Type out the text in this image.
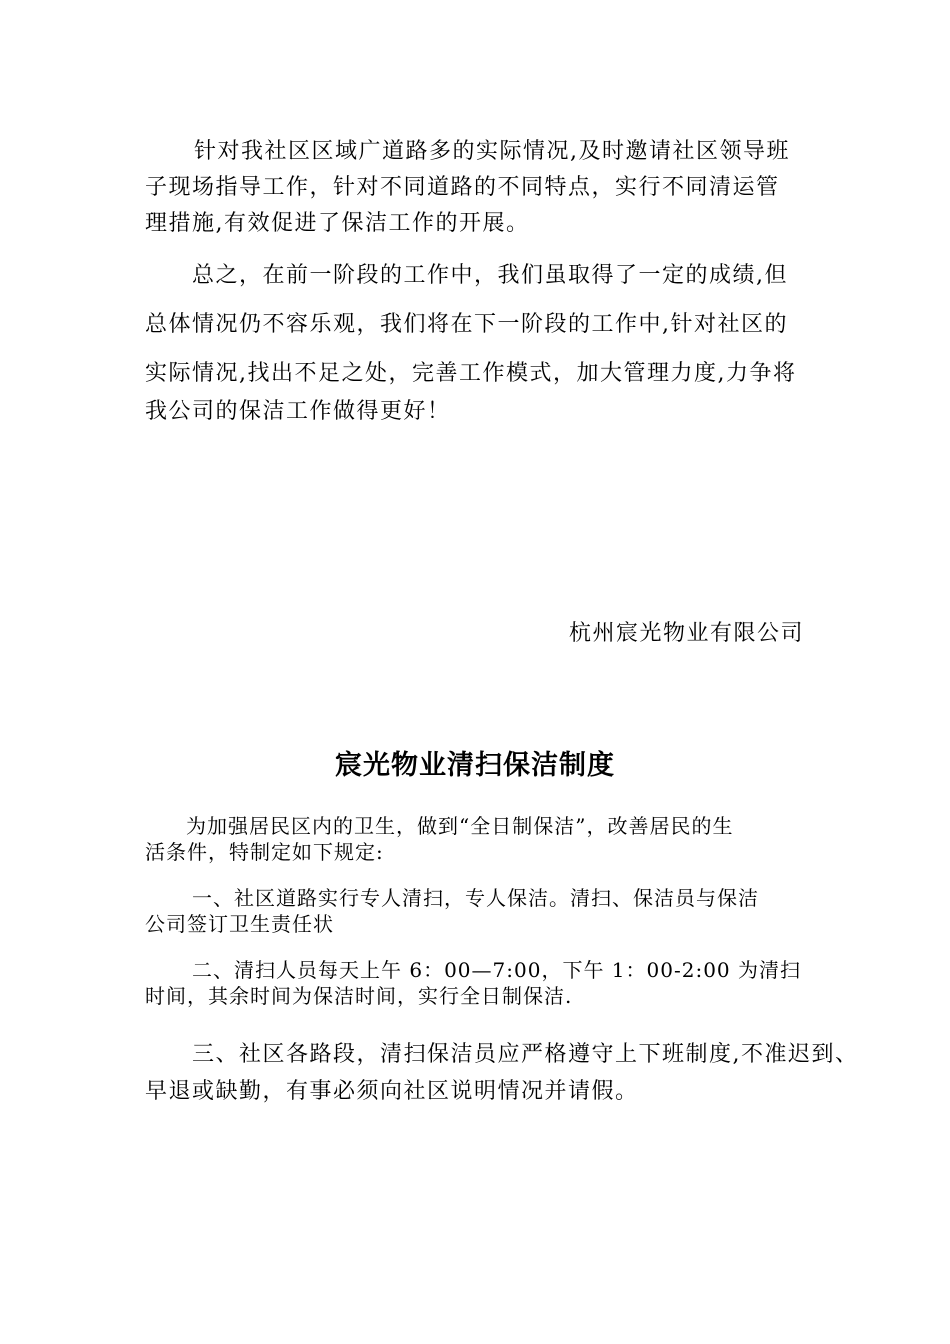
针对我社区区域广道路多的实际情况,及时邀请社区领导班
子现场指导工作，针对不同道路的不同特点，实行不同清运管
理措施,有效促进了保洁工作的开展。
总之，在前一阶段的工作中，我们虽取得了一定的成绩,但
总体情况仍不容乐观，我们将在下一阶段的工作中,针对社区的
实际情况,找出不足之处，完善工作模式，加大管理力度,力争将
我公司的保洁工作做得更好！
杭州宸光物业有限公司
宸光物业清扫保洁制度
为加强居民区内的卫生，做到“全日制保洁”，改善居民的生
活条件，特制定如下规定:
一、社区道路实行专人清扫，专人保洁。清扫、保洁员与保洁
公司签订卫生责任状
二、清扫人员每天上午 6：00—7:00，下午 1：00-2:00 为清扫
时间，其余时间为保洁时间，实行全日制保洁.
三、社区各路段，清扫保洁员应严格遵守上下班制度,不准迟到、
早退或缺勤，有事必须向社区说明情况并请假。
